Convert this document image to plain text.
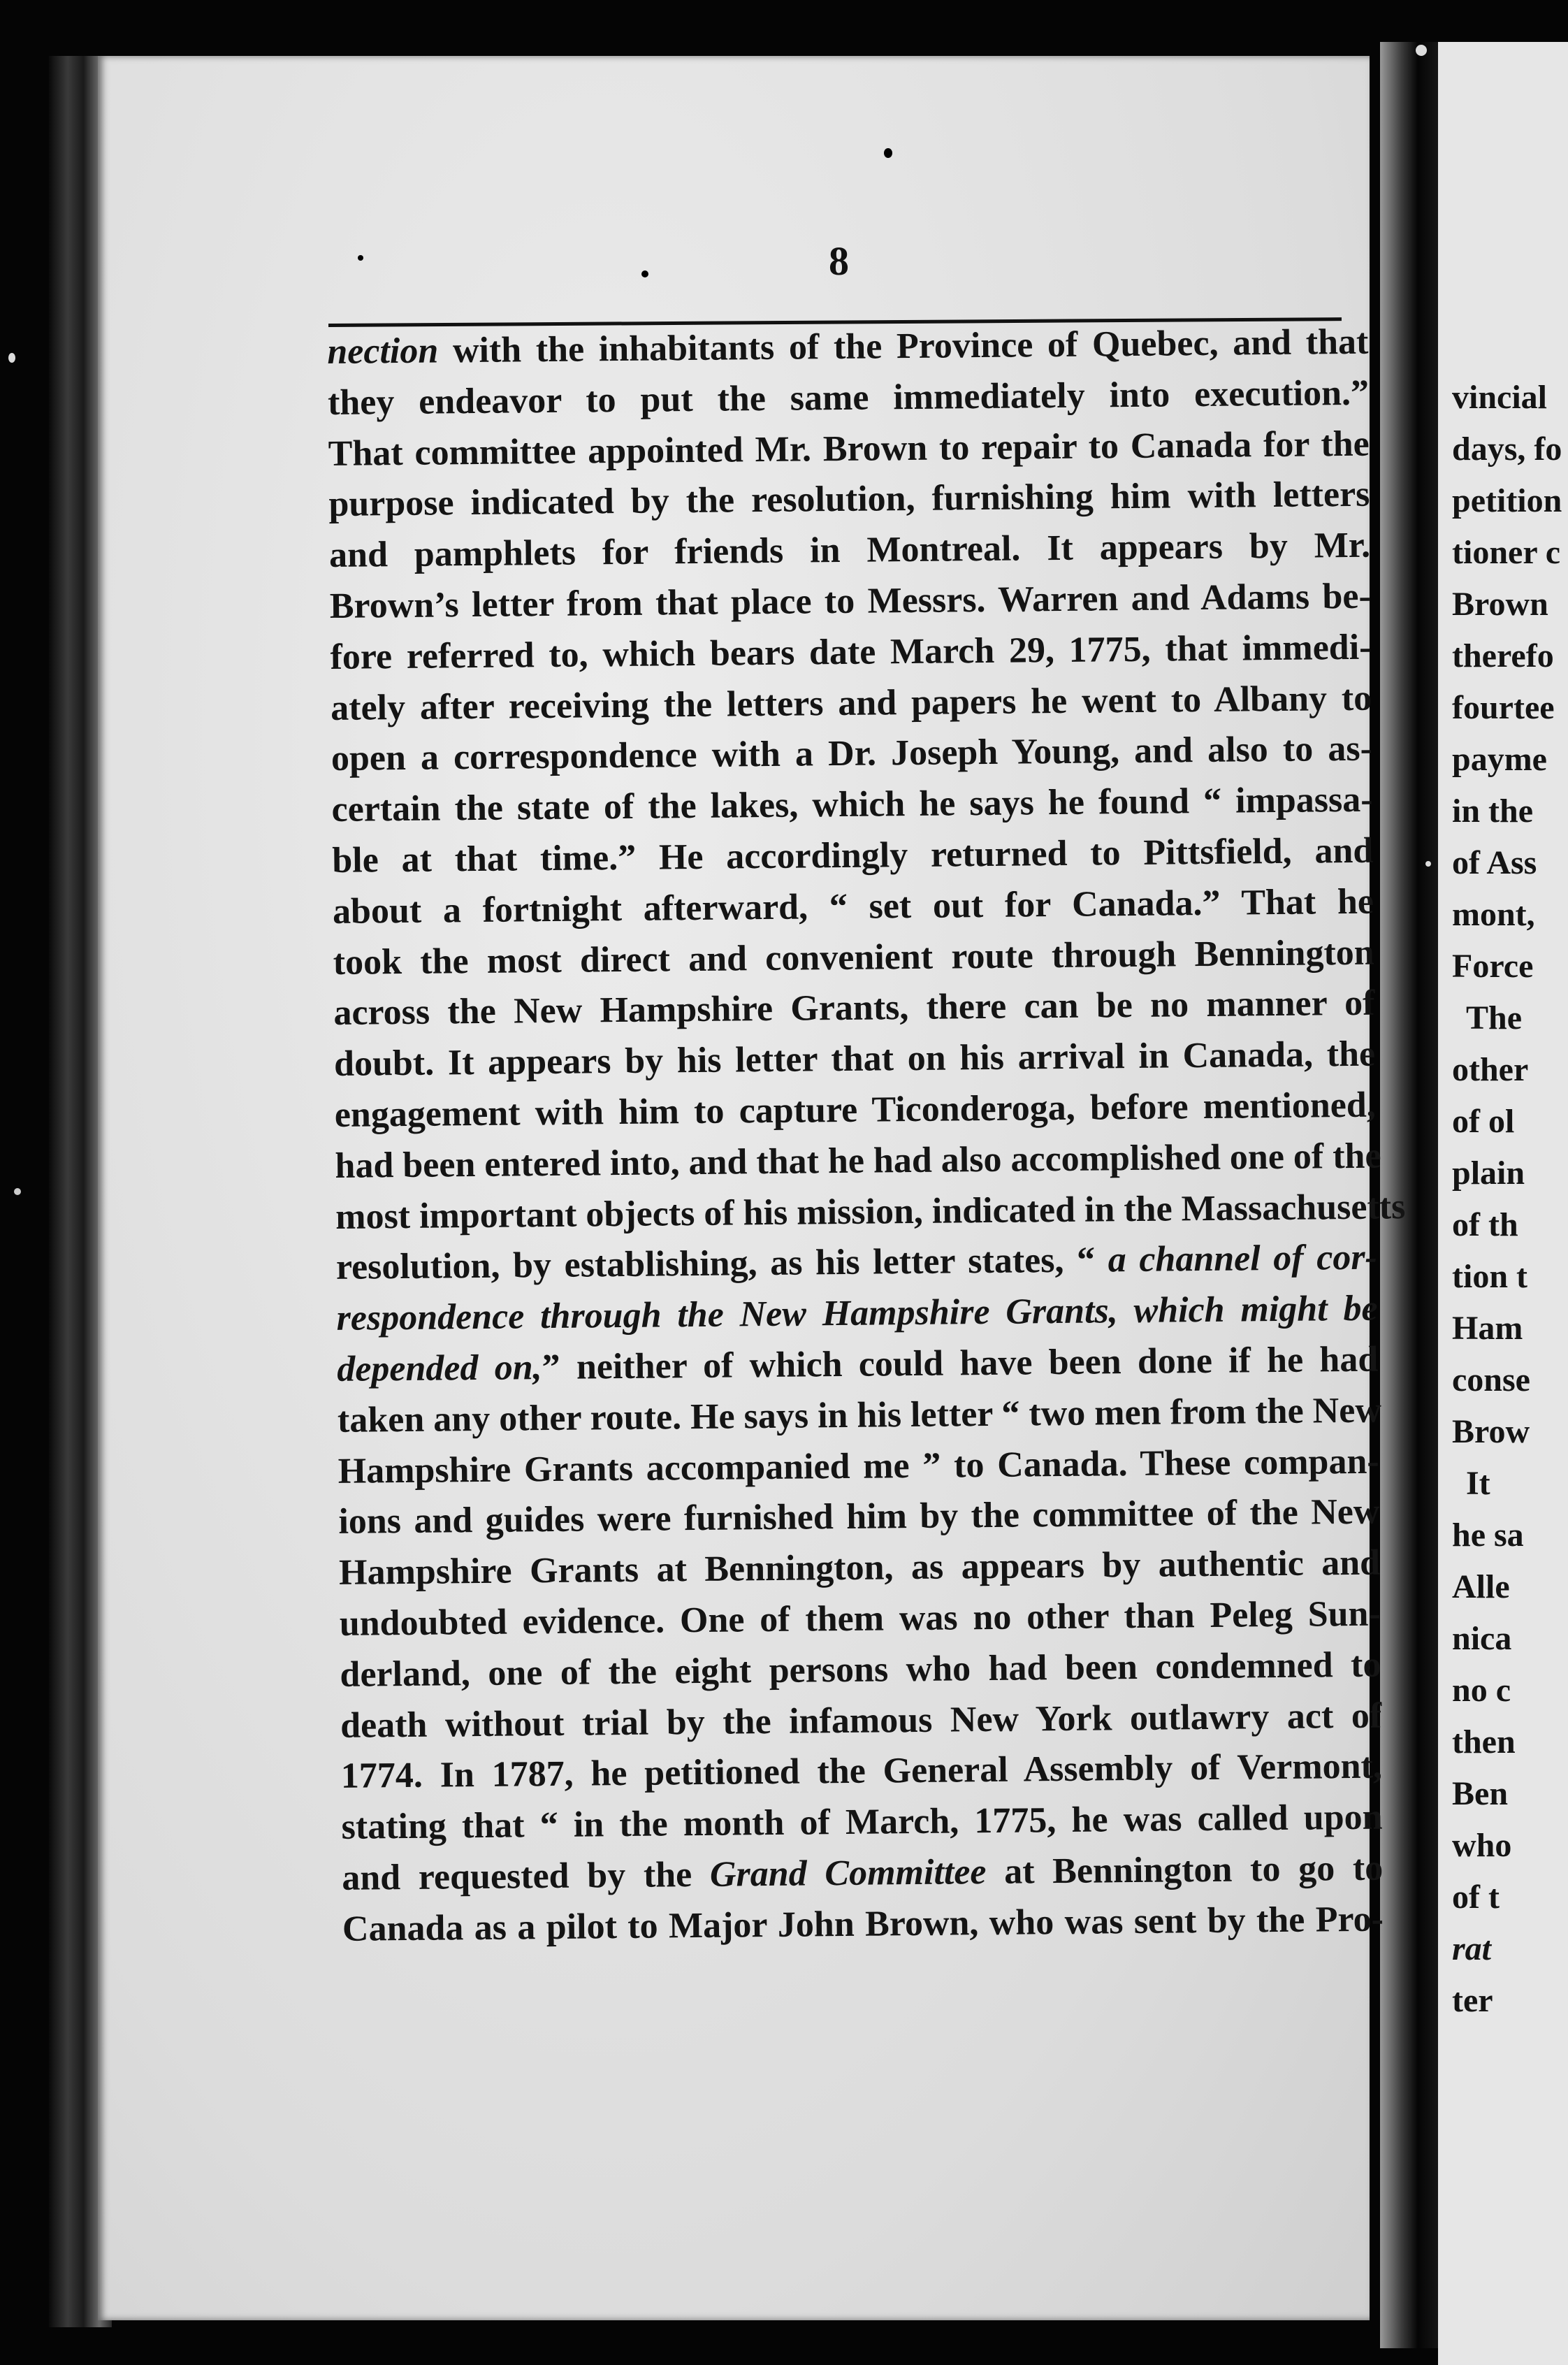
vincial
days, fo
petition
tioner c
Brown
therefo
fourtee
payme
in the
of Ass
mont,
Force
The
other
of ol
plain
of th
tion t
Ham
conse
Brow
It
he sa
Alle
nica
no c
then
Ben
who
of t
rat
ter
8
nection with the inhabitants of the Province of Quebec, and that
they endeavor to put the same immediately into execution.”
That committee appointed Mr. Brown to repair to Canada for the
purpose indicated by the resolution, furnishing him with letters
and pamphlets for friends in Montreal. It appears by Mr.
Brown’s letter from that place to Messrs. Warren and Adams be-
fore referred to, which bears date March 29, 1775, that immedi-
ately after receiving the letters and papers he went to Albany to
open a correspondence with a Dr. Joseph Young, and also to as-
certain the state of the lakes, which he says he found “ impassa-
ble at that time.” He accordingly returned to Pittsfield, and
about a fortnight afterward, “ set out for Canada.” That he
took the most direct and convenient route through Bennington
across the New Hampshire Grants, there can be no manner of
doubt. It appears by his letter that on his arrival in Canada, the
engagement with him to capture Ticonderoga, before mentioned,
had been entered into, and that he had also accomplished one of the
most important objects of his mission, indicated in the Massachusetts
resolution, by establishing, as his letter states, “ a channel of cor-
respondence through the New Hampshire Grants, which might be
depended on,” neither of which could have been done if he had
taken any other route. He says in his letter “ two men from the New
Hampshire Grants accompanied me ” to Canada. These compan-
ions and guides were furnished him by the committee of the New
Hampshire Grants at Bennington, as appears by authentic and
undoubted evidence. One of them was no other than Peleg Sun-
derland, one of the eight persons who had been condemned to
death without trial by the infamous New York outlawry act of
1774. In 1787, he petitioned the General Assembly of Vermont,
stating that “ in the month of March, 1775, he was called upon
and requested by the Grand Committee at Bennington to go to
Canada as a pilot to Major John Brown, who was sent by the Pro-
